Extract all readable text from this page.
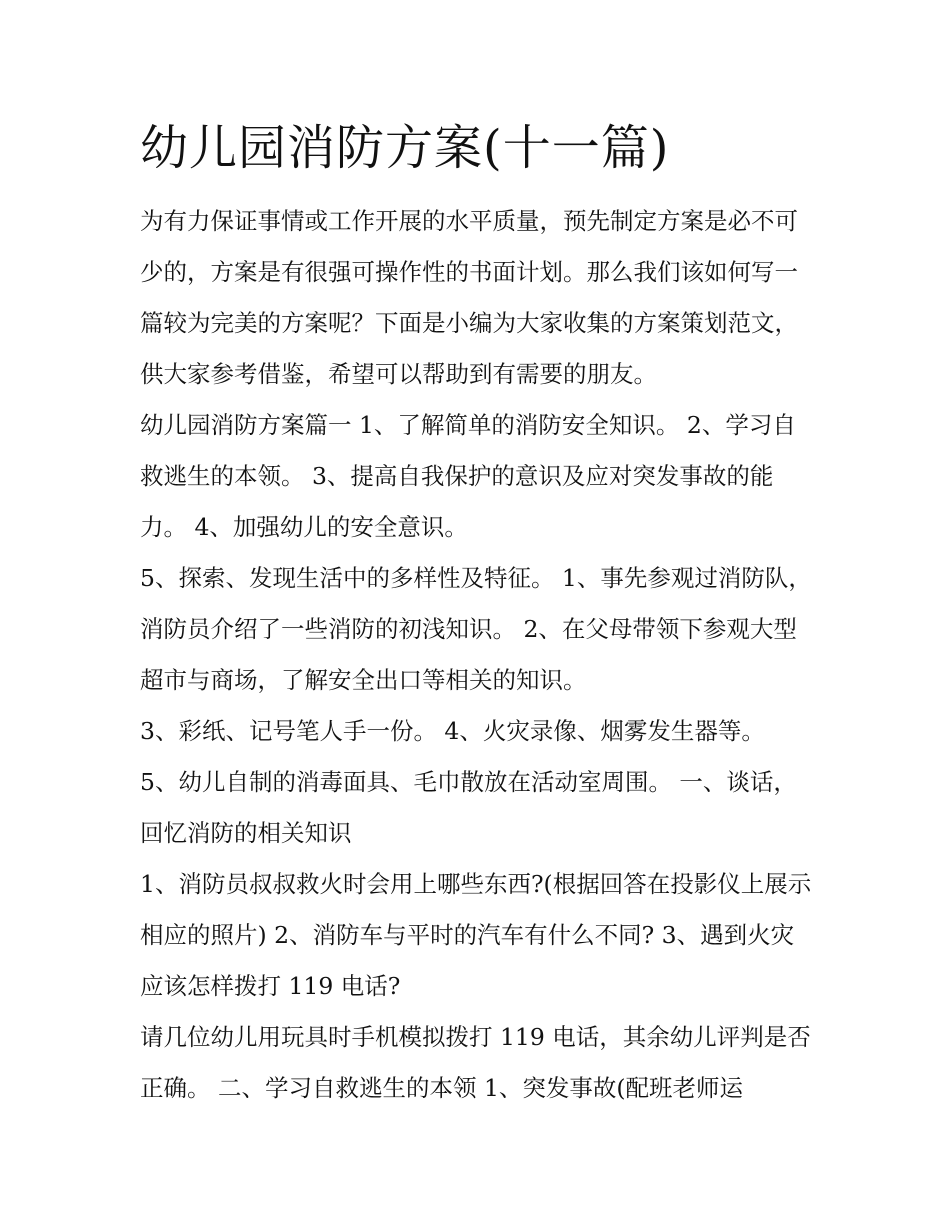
幼儿园消防方案(十一篇)

为有力保证事情或工作开展的水平质量，预先制定方案是必不可少的，方案是有很强可操作性的书面计划。那么我们该如何写一篇较为完美的方案呢？下面是小编为大家收集的方案策划范文，供大家参考借鉴，希望可以帮助到有需要的朋友。

幼儿园消防方案篇一 1、了解简单的消防安全知识。 2、学习自救逃生的本领。 3、提高自我保护的意识及应对突发事故的能力。 4、加强幼儿的安全意识。

5、探索、发现生活中的多样性及特征。 1、事先参观过消防队，消防员介绍了一些消防的初浅知识。 2、在父母带领下参观大型超市与商场，了解安全出口等相关的知识。

3、彩纸、记号笔人手一份。 4、火灾录像、烟雾发生器等。

5、幼儿自制的消毒面具、毛巾散放在活动室周围。 一、谈话，回忆消防的相关知识

1、消防员叔叔救火时会用上哪些东西?(根据回答在投影仪上展示相应的照片) 2、消防车与平时的汽车有什么不同? 3、遇到火灾应该怎样拨打 119 电话?

请几位幼儿用玩具时手机模拟拨打 119 电话，其余幼儿评判是否正确。 二、学习自救逃生的本领 1、突发事故(配班老师运
